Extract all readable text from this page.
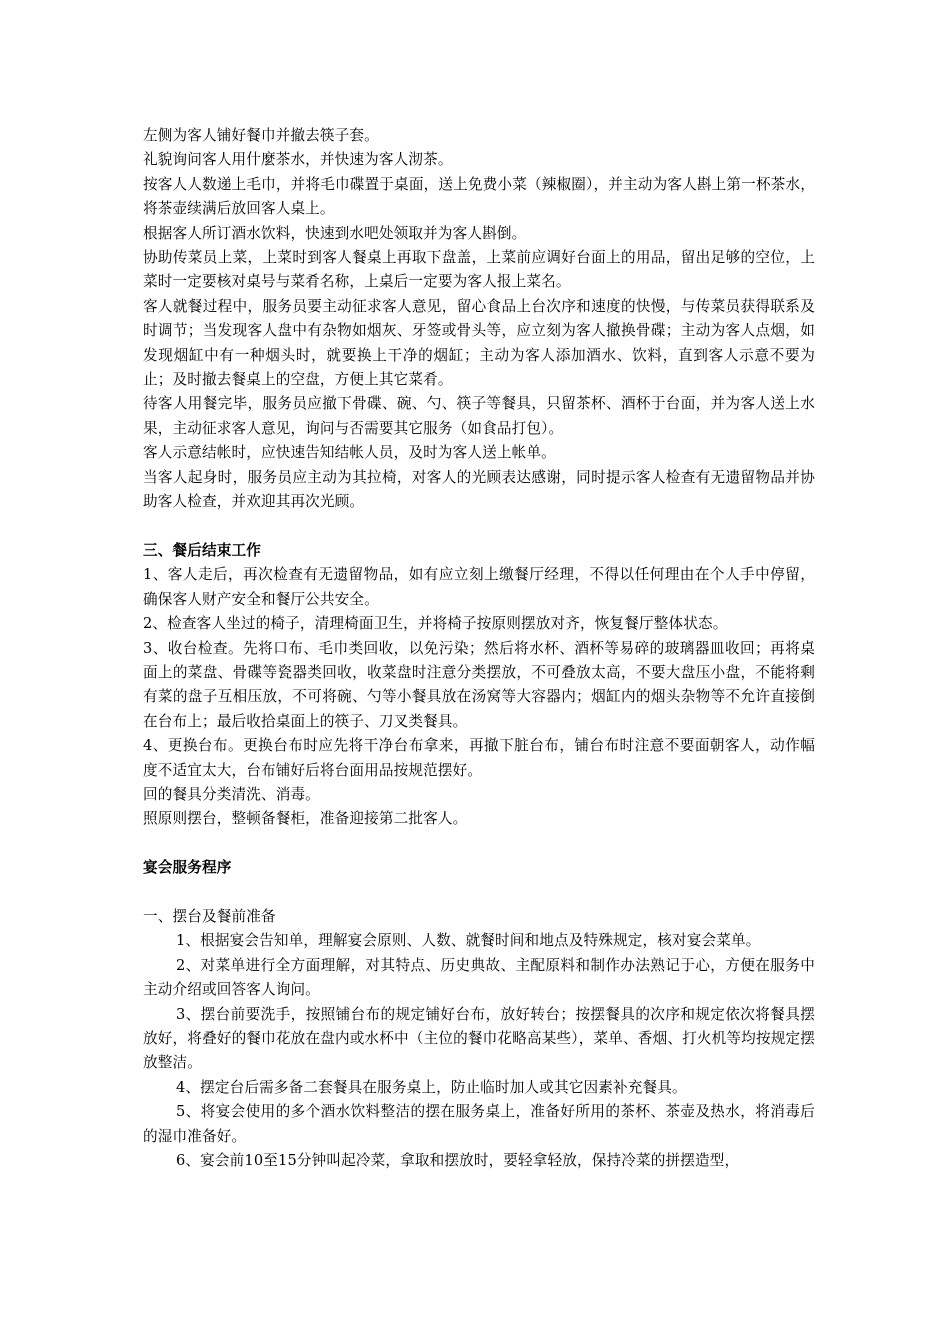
左侧为客人铺好餐巾并撤去筷子套。

礼貌询问客人用什麼茶水，并快速为客人沏茶。

按客人人数递上毛巾，并将毛巾碟置于桌面，送上免费小菜（辣椒圈），并主动为客人斟上第一杯茶水，将茶壶续满后放回客人桌上。

根据客人所订酒水饮料，快速到水吧处领取并为客人斟倒。

协助传菜员上菜，上菜时到客人餐桌上再取下盘盖，上菜前应调好台面上的用品，留出足够的空位，上菜时一定要核对桌号与菜肴名称，上桌后一定要为客人报上菜名。

客人就餐过程中，服务员要主动征求客人意见，留心食品上台次序和速度的快慢，与传菜员获得联系及时调节；当发现客人盘中有杂物如烟灰、牙签或骨头等，应立刻为客人撤换骨碟；主动为客人点烟，如发现烟缸中有一种烟头时，就要换上干净的烟缸；主动为客人添加酒水、饮料，直到客人示意不要为止；及时撤去餐桌上的空盘，方便上其它菜肴。

待客人用餐完毕，服务员应撤下骨碟、碗、勺、筷子等餐具，只留茶杯、酒杯于台面，并为客人送上水果，主动征求客人意见，询问与否需要其它服务（如食品打包）。

客人示意结帐时，应快速告知结帐人员，及时为客人送上帐单。

当客人起身时，服务员应主动为其拉椅，对客人的光顾表达感谢，同时提示客人检查有无遗留物品并协助客人检查，并欢迎其再次光顾。

三、餐后结束工作

1、客人走后，再次检查有无遗留物品，如有应立刻上缴餐厅经理，不得以任何理由在个人手中停留，确保客人财产安全和餐厅公共安全。

2、检查客人坐过的椅子，清理椅面卫生，并将椅子按原则摆放对齐，恢复餐厅整体状态。

3、收台检查。先将口布、毛巾类回收，以免污染；然后将水杯、酒杯等易碎的玻璃器皿收回；再将桌面上的菜盘、骨碟等瓷器类回收，收菜盘时注意分类摆放，不可叠放太高，不要大盘压小盘，不能将剩有菜的盘子互相压放，不可将碗、勺等小餐具放在汤窝等大容器内；烟缸内的烟头杂物等不允许直接倒在台布上；最后收拾桌面上的筷子、刀叉类餐具。

4、更换台布。更换台布时应先将干净台布拿来，再撤下脏台布，铺台布时注意不要面朝客人，动作幅度不适宜太大，台布铺好后将台面用品按规范摆好。

回的餐具分类清洗、消毒。

照原则摆台，整顿备餐柜，准备迎接第二批客人。

宴会服务程序

一、摆台及餐前准备

1、根据宴会告知单，理解宴会原则、人数、就餐时间和地点及特殊规定，核对宴会菜单。

2、对菜单进行全方面理解，对其特点、历史典故、主配原料和制作办法熟记于心，方便在服务中主动介绍或回答客人询问。

3、摆台前要洗手，按照铺台布的规定铺好台布，放好转台；按摆餐具的次序和规定依次将餐具摆放好，将叠好的餐巾花放在盘内或水杯中（主位的餐巾花略高某些），菜单、香烟、打火机等均按规定摆放整洁。

4、摆定台后需多备二套餐具在服务桌上，防止临时加人或其它因素补充餐具。

5、将宴会使用的多个酒水饮料整洁的摆在服务桌上，准备好所用的茶杯、茶壶及热水，将消毒后的湿巾准备好。

6、宴会前10至15分钟叫起冷菜，拿取和摆放时，要轻拿轻放，保持冷菜的拼摆造型，
